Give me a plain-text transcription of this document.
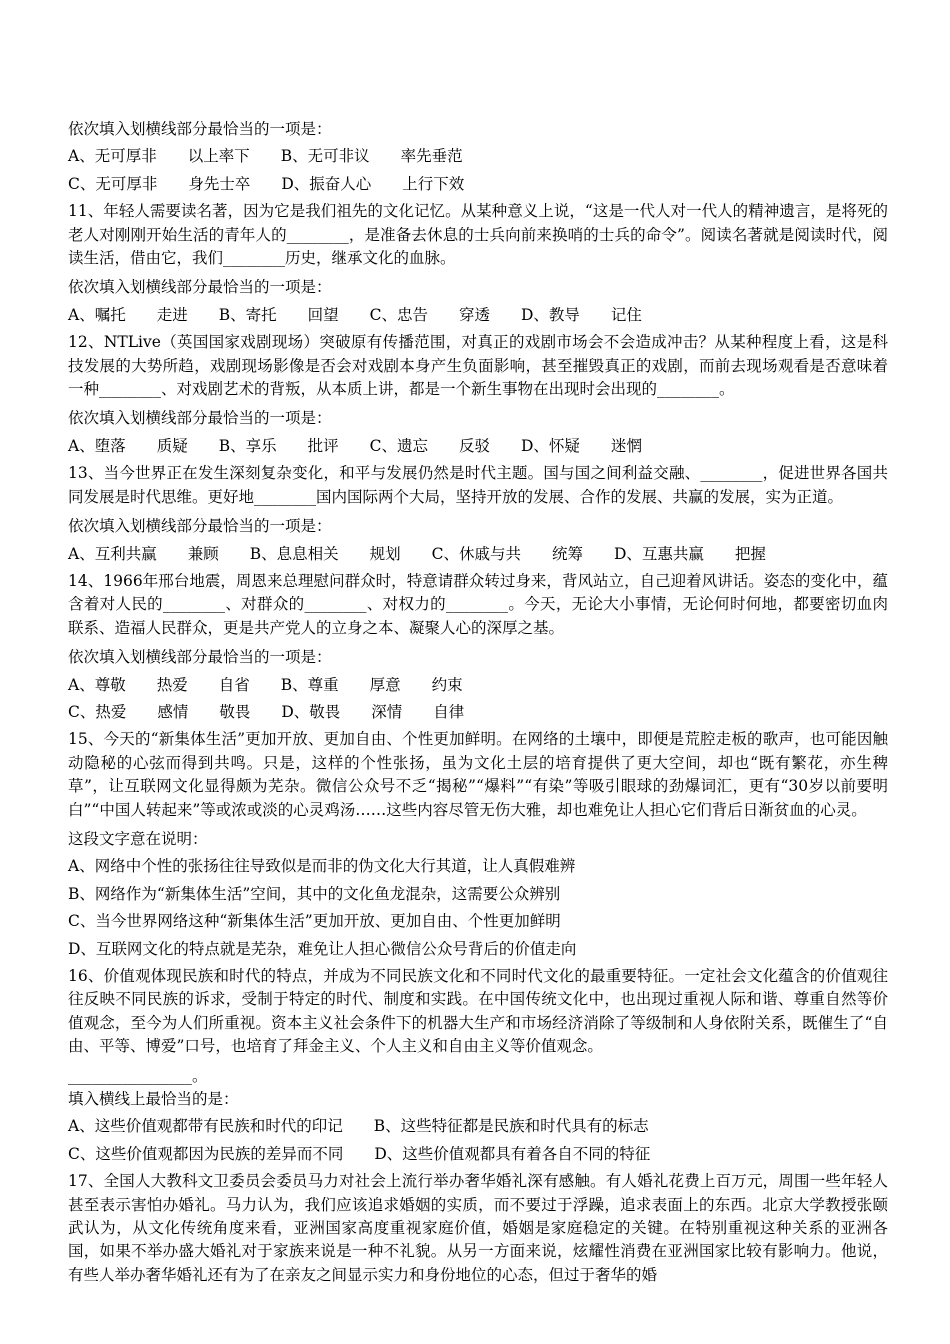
依次填入划横线部分最恰当的一项是：

A、无可厚非　　以上率下　　B、无可非议　　率先垂范

C、无可厚非　　身先士卒　　D、振奋人心　　上行下效

11、年轻人需要读名著，因为它是我们祖先的文化记忆。从某种意义上说，“这是一代人对一代人的精神遗言，是将死的老人对刚刚开始生活的青年人的________，是准备去休息的士兵向前来换哨的士兵的命令”。阅读名著就是阅读时代，阅读生活，借由它，我们________历史，继承文化的血脉。

依次填入划横线部分最恰当的一项是：

A、嘱托　　走进　　B、寄托　　回望　　C、忠告　　穿透　　D、教导　　记住

12、NTLive（英国国家戏剧现场）突破原有传播范围，对真正的戏剧市场会不会造成冲击？从某种程度上看，这是科技发展的大势所趋，戏剧现场影像是否会对戏剧本身产生负面影响，甚至摧毁真正的戏剧，而前去现场观看是否意味着一种________、对戏剧艺术的背叛，从本质上讲，都是一个新生事物在出现时会出现的________。

依次填入划横线部分最恰当的一项是：

A、堕落　　质疑　　B、享乐　　批评　　C、遗忘　　反驳　　D、怀疑　　迷惘

13、当今世界正在发生深刻复杂变化，和平与发展仍然是时代主题。国与国之间利益交融、________，促进世界各国共同发展是时代思维。更好地________国内国际两个大局，坚持开放的发展、合作的发展、共赢的发展，实为正道。

依次填入划横线部分最恰当的一项是：

A、互利共赢　　兼顾　　B、息息相关　　规划　　C、休戚与共　　统筹　　D、互惠共赢　　把握

14、1966年邢台地震，周恩来总理慰问群众时，特意请群众转过身来，背风站立，自己迎着风讲话。姿态的变化中，蕴含着对人民的________、对群众的________、对权力的________。今天，无论大小事情，无论何时何地，都要密切血肉联系、造福人民群众，更是共产党人的立身之本、凝聚人心的深厚之基。

依次填入划横线部分最恰当的一项是：

A、尊敬　　热爱　　自省　　B、尊重　　厚意　　约束

C、热爱　　感情　　敬畏　　D、敬畏　　深情　　自律

15、今天的“新集体生活”更加开放、更加自由、个性更加鲜明。在网络的土壤中，即便是荒腔走板的歌声，也可能因触动隐秘的心弦而得到共鸣。只是，这样的个性张扬，虽为文化土层的培育提供了更大空间，却也“既有繁花，亦生稗草”，让互联网文化显得颇为芜杂。微信公众号不乏“揭秘”“爆料”“有染”等吸引眼球的劲爆词汇，更有“30岁以前要明白”“中国人转起来”等或浓或淡的心灵鸡汤……这些内容尽管无伤大雅，却也难免让人担心它们背后日渐贫血的心灵。

这段文字意在说明：

A、网络中个性的张扬往往导致似是而非的伪文化大行其道，让人真假难辨

B、网络作为“新集体生活”空间，其中的文化鱼龙混杂，这需要公众辨别

C、当今世界网络这种“新集体生活”更加开放、更加自由、个性更加鲜明

D、互联网文化的特点就是芜杂，难免让人担心微信公众号背后的价值走向

16、价值观体现民族和时代的特点，并成为不同民族文化和不同时代文化的最重要特征。一定社会文化蕴含的价值观往往反映不同民族的诉求，受制于特定的时代、制度和实践。在中国传统文化中，也出现过重视人际和谐、尊重自然等价值观念，至今为人们所重视。资本主义社会条件下的机器大生产和市场经济消除了等级制和人身依附关系，既催生了“自由、平等、博爱”口号，也培育了拜金主义、个人主义和自由主义等价值观念。

________________。

填入横线上最恰当的是：

A、这些价值观都带有民族和时代的印记　　B、这些特征都是民族和时代具有的标志

C、这些价值观都因为民族的差异而不同　　D、这些价值观都具有着各自不同的特征

17、全国人大教科文卫委员会委员马力对社会上流行举办奢华婚礼深有感触。有人婚礼花费上百万元，周围一些年轻人甚至表示害怕办婚礼。马力认为，我们应该追求婚姻的实质，而不要过于浮躁，追求表面上的东西。北京大学教授张颐武认为，从文化传统角度来看，亚洲国家高度重视家庭价值，婚姻是家庭稳定的关键。在特别重视这种关系的亚洲各国，如果不举办盛大婚礼对于家族来说是一种不礼貌。从另一方面来说，炫耀性消费在亚洲国家比较有影响力。他说，有些人举办奢华婚礼还有为了在亲友之间显示实力和身份地位的心态，但过于奢华的婚
